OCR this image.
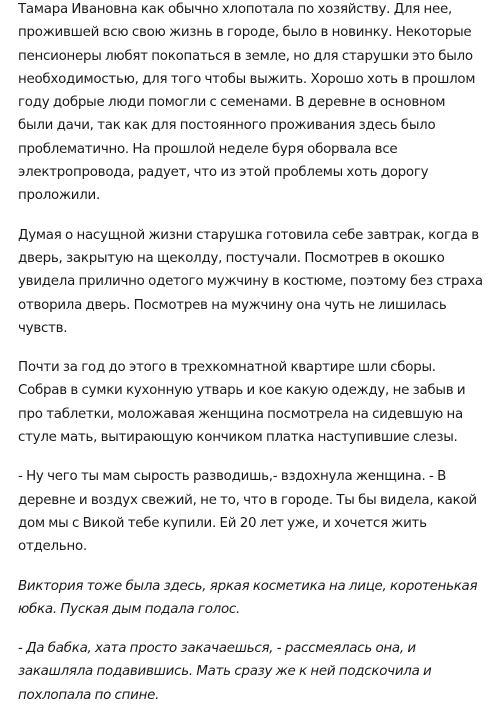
Тамара Ивановна как обычно хлопотала по хозяйству. Для нее, прожившей всю свою жизнь в городе, было в новинку. Некоторые пенсионеры любят покопаться в земле, но для старушки это было необходимостью, для того чтобы выжить. Хорошо хоть в прошлом году добрые люди помогли с семенами. В деревне в основном были дачи, так как для постоянного проживания здесь было проблематично. На прошлой неделе буря оборвала все электропровода, радует, что из этой проблемы хоть дорогу проложили.

Думая о насущной жизни старушка готовила себе завтрак, когда в дверь, закрытую на щеколду, постучали. Посмотрев в окошко увидела прилично одетого мужчину в костюме, поэтому без страха отворила дверь. Посмотрев на мужчину она чуть не лишилась чувств.

Почти за год до этого в трехкомнатной квартире шли сборы. Собрав в сумки кухонную утварь и кое какую одежду, не забыв и про таблетки, моложавая женщина посмотрела на сидевшую на стуле мать, вытирающую кончиком платка наступившие слезы.

- Ну чего ты мам сырость разводишь,- вздохнула женщина. - В деревне и воздух свежий, не то, что в городе. Ты бы видела, какой дом мы с Викой тебе купили. Ей 20 лет уже, и хочется жить отдельно.

Виктория тоже была здесь, яркая косметика на лице, коротенькая юбка. Пуская дым подала голос.

- Да бабка, хата просто закачаешься, - рассмеялась она, и закашляла подавившись. Мать сразу же к ней подскочила и похлопала по спине.
